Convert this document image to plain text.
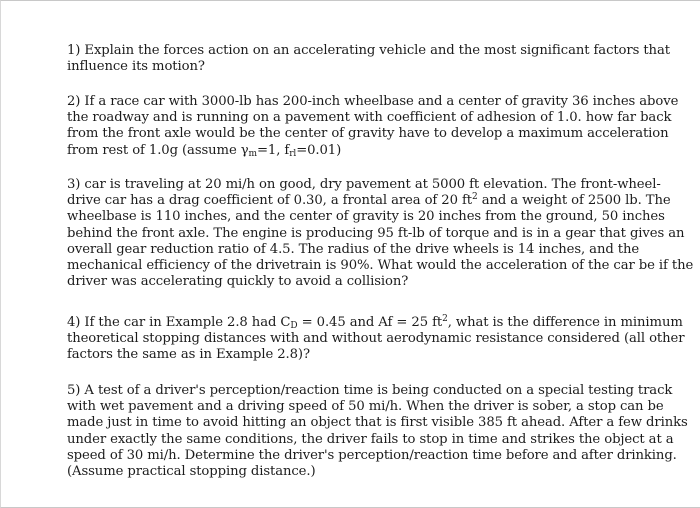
1) Explain the forces action on an accelerating vehicle and the most significant factors that
influence its motion?
2) If a race car with 3000-lb has 200-inch wheelbase and a center of gravity 36 inches above
the roadway and is running on a pavement with coefficient of adhesion of 1.0. how far back
from the front axle would be the center of gravity have to develop a maximum acceleration
from rest of 1.0g (assume $\gamma_m=1$, $f_{rl}=0.01$)
3) car is traveling at 20 mi/h on good, dry pavement at 5000 ft elevation. The front-wheel-
drive car has a drag coefficient of 0.30, a frontal area of 20 $ft^2$ and a weight of 2500 lb. The
wheelbase is 110 inches, and the center of gravity is 20 inches from the ground, 50 inches
behind the front axle. The engine is producing 95 ft-lb of torque and is in a gear that gives an
overall gear reduction ratio of 4.5. The radius of the drive wheels is 14 inches, and the
mechanical efficiency of the drivetrain is 90%. What would the acceleration of the car be if the
driver was accelerating quickly to avoid a collision?
4) If the car in Example 2.8 had $C_D = 0.45$ and Af = 25 $ft^2$, what is the difference in minimum
theoretical stopping distances with and without aerodynamic resistance considered (all other
factors the same as in Example 2.8)?
5) A test of a driver's perception/reaction time is being conducted on a special testing track
with wet pavement and a driving speed of 50 mi/h. When the driver is sober, a stop can be
made just in time to avoid hitting an object that is first visible 385 ft ahead. After a few drinks
under exactly the same conditions, the driver fails to stop in time and strikes the object at a
speed of 30 mi/h. Determine the driver's perception/reaction time before and after drinking.
(Assume practical stopping distance.)
